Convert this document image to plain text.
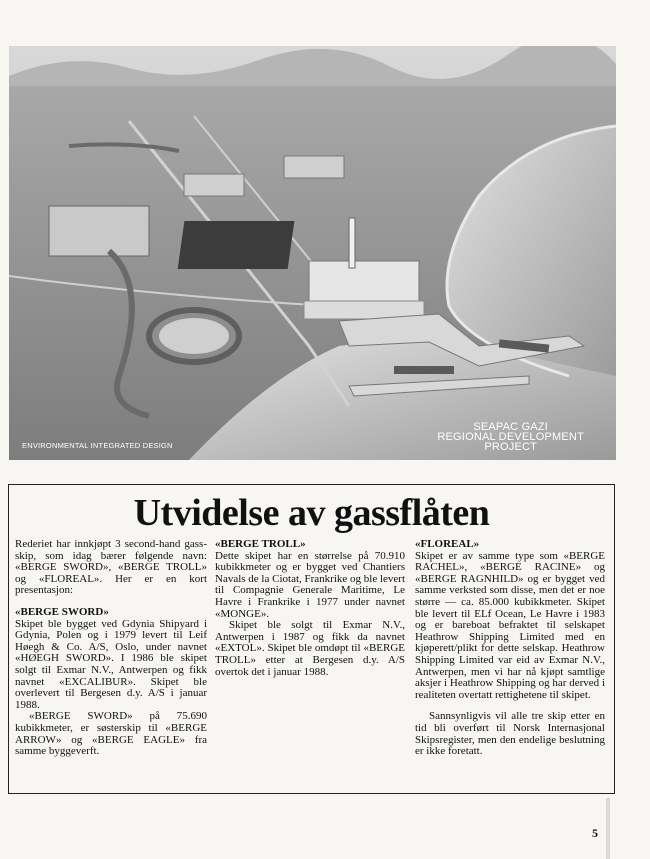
ENVIRONMENTAL INTEGRATED DESIGN
SEAPAC GAZI
REGIONAL DEVELOPMENT
PROJECT
Utvidelse av gassflåten

Rederiet har innkjøpt 3 second-hand gass-skip, som idag bærer følgende navn: «BERGE SWORD», «BERGE TROLL» og «FLOREAL». Her er en kort presentasjon:

«BERGE SWORD»

Skipet ble bygget ved Gdynia Shipyard i Gdynia, Polen og i 1979 levert til Leif Høegh & Co. A/S, Oslo, under navnet «HØEGH SWORD». I 1986 ble skipet solgt til Exmar N.V., Antwerpen og fikk navnet «EXCALIBUR». Skipet ble overlevert til Bergesen d.y. A/S i januar 1988.

«BERGE SWORD» på 75.690 kubikkmeter, er søsterskip til «BERGE ARROW» og «BERGE EAGLE» fra samme byggeverft.

«BERGE TROLL»

Dette skipet har en størrelse på 70.910 kubikkmeter og er bygget ved Chantiers Navals de la Ciotat, Frankrike og ble levert til Compagnie Generale Maritime, Le Havre i Frankrike i 1977 under navnet «MONGE».

Skipet ble solgt til Exmar N.V., Antwerpen i 1987 og fikk da navnet «EXTOL». Skipet ble omdøpt til «BERGE TROLL» etter at Bergesen d.y. A/S overtok det i januar 1988.

«FLOREAL»

Skipet er av samme type som «BERGE RACHEL», «BERGE RACINE» og «BERGE RAGNHILD» og er bygget ved samme verksted som disse, men det er noe større — ca. 85.000 kubikkmeter. Skipet ble levert til ELf Ocean, Le Havre i 1983 og er bareboat befraktet til selskapet Heathrow Shipping Limited med en kjøperett/plikt for dette selskap. Heathrow Shipping Limited var eid av Exmar N.V., Antwerpen, men vi har nå kjøpt samtlige aksjer i Heathrow Shipping og har derved i realiteten overtatt rettighetene til skipet.

Sannsynligvis vil alle tre skip etter en tid bli overført til Norsk Internasjonal Skipsregister, men den endelige beslutning er ikke foretatt.

5
